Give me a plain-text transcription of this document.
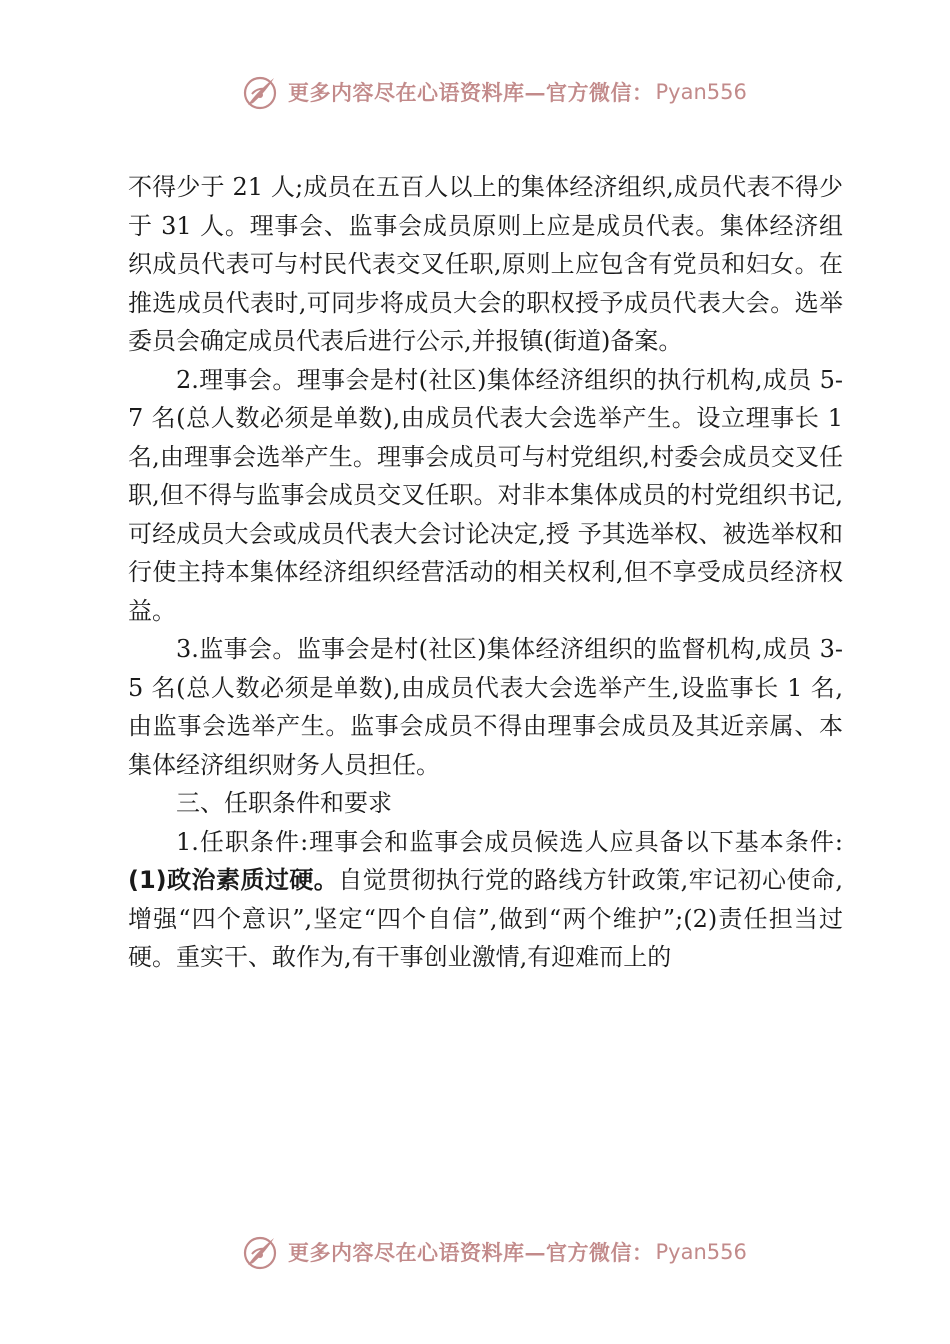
更多内容尽在心语资料库—官方微信： Pyan556

不得少于 21 人;成员在五百人以上的集体经济组织,成员代表不得少于 31 人。理事会、监事会成员原则上应是成员代表。集体经济组织成员代表可与村民代表交叉任职,原则上应包含有党员和妇女。在推选成员代表时,可同步将成员大会的职权授予成员代表大会。选举委员会确定成员代表后进行公示,并报镇(街道)备案。

2.理事会。理事会是村(社区)集体经济组织的执行机构,成员 5-7 名(总人数必须是单数),由成员代表大会选举产生。设立理事长 1 名,由理事会选举产生。理事会成员可与村党组织,村委会成员交叉任职,但不得与监事会成员交叉任职。对非本集体成员的村党组织书记,可经成员大会或成员代表大会讨论决定,授 予其选举权、被选举权和行使主持本集体经济组织经营活动的相关权利,但不享受成员经济权益。

3.监事会。监事会是村(社区)集体经济组织的监督机构,成员 3-5 名(总人数必须是单数),由成员代表大会选举产生,设监事长 1 名,由监事会选举产生。监事会成员不得由理事会成员及其近亲属、本集体经济组织财务人员担任。

三、任职条件和要求

1.任职条件:理事会和监事会成员候选人应具备以下基本条件:(1)政治素质过硬。自觉贯彻执行党的路线方针政策,牢记初心使命,增强“四个意识”,坚定“四个自信”,做到“两个维护”;(2)责任担当过硬。重实干、敢作为,有干事创业激情,有迎难而上的

更多内容尽在心语资料库—官方微信： Pyan556
